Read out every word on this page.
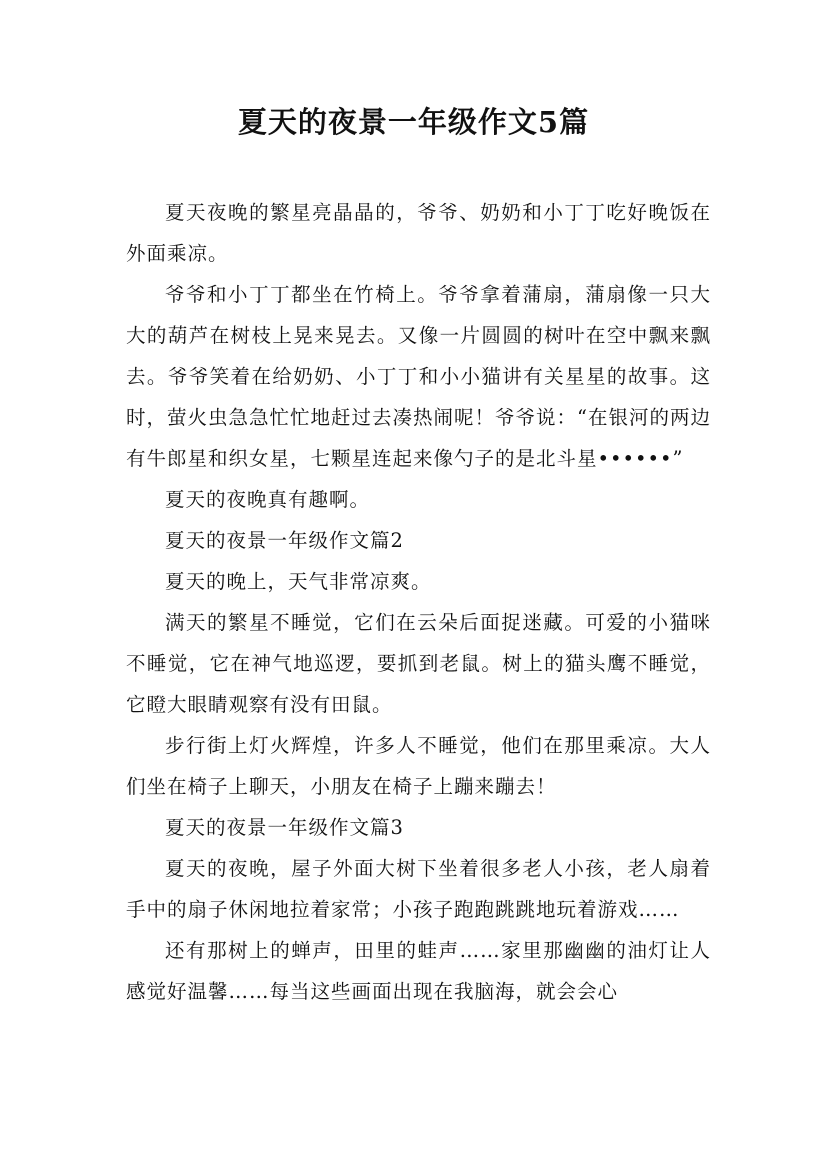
夏天的夜景一年级作文5篇

夏天夜晚的繁星亮晶晶的，爷爷、奶奶和小丁丁吃好晚饭在外面乘凉。

爷爷和小丁丁都坐在竹椅上。爷爷拿着蒲扇，蒲扇像一只大大的葫芦在树枝上晃来晃去。又像一片圆圆的树叶在空中飘来飘去。爷爷笑着在给奶奶、小丁丁和小小猫讲有关星星的故事。这时，萤火虫急急忙忙地赶过去凑热闹呢！爷爷说：“在银河的两边有牛郎星和织女星，七颗星连起来像勺子的是北斗星••••••”

夏天的夜晚真有趣啊。

夏天的夜景一年级作文篇2

夏天的晚上，天气非常凉爽。

满天的繁星不睡觉，它们在云朵后面捉迷藏。可爱的小猫咪不睡觉，它在神气地巡逻，要抓到老鼠。树上的猫头鹰不睡觉，它瞪大眼睛观察有没有田鼠。

步行街上灯火辉煌，许多人不睡觉，他们在那里乘凉。大人们坐在椅子上聊天，小朋友在椅子上蹦来蹦去！

夏天的夜景一年级作文篇3

夏天的夜晚，屋子外面大树下坐着很多老人小孩，老人扇着手中的扇子休闲地拉着家常；小孩子跑跑跳跳地玩着游戏……

还有那树上的蝉声，田里的蛙声……家里那幽幽的油灯让人感觉好温馨……每当这些画面出现在我脑海，就会会心
